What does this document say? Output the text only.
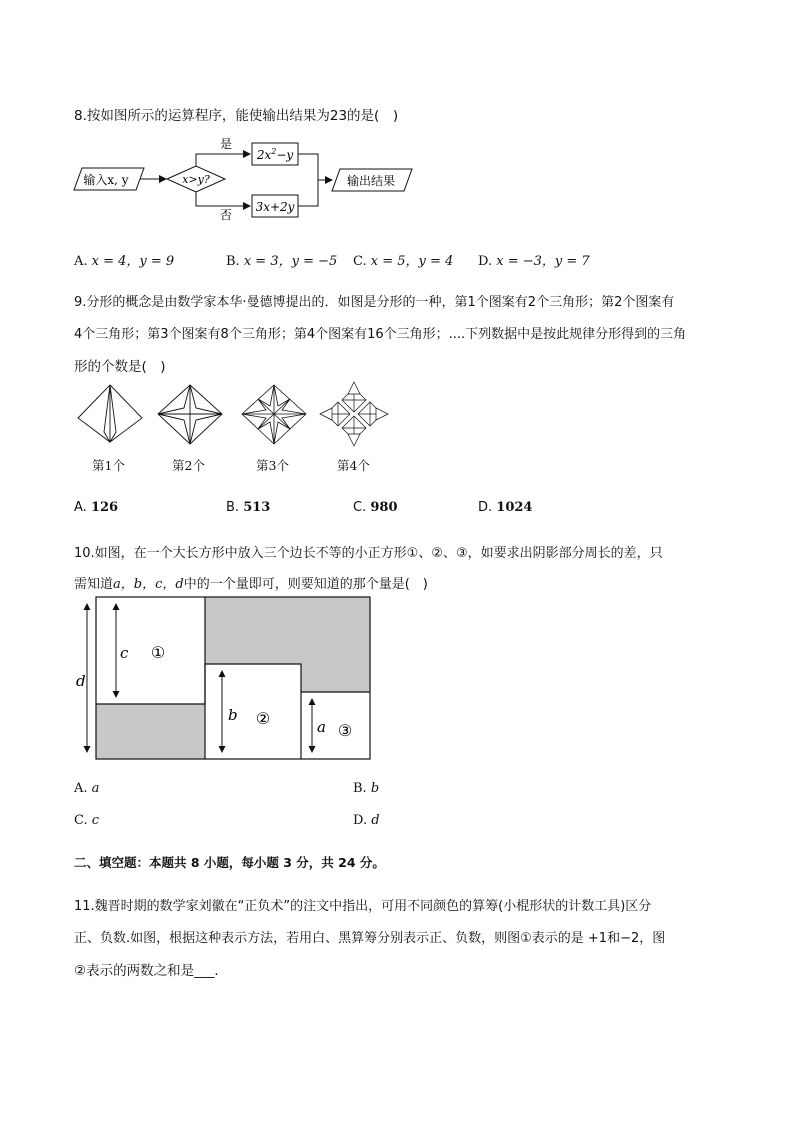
8.按如图所示的运算程序，能使输出结果为23的是(　)
输入x, y	x>y?
是
否
$2x^2-y$
3x+2y
输出结果
A. x = 4，y = 9	B. x = 3，y = −5 C. x = 5，y = 4 D. x = −3，y = 7
9.分形的概念是由数学家本华·曼德博提出的．如图是分形的一种，第1个图案有2个三角形；第2个图案有
4个三角形；第3个图案有8个三角形；第4个图案有16个三角形；....下列数据中是按此规律分形得到的三角
形的个数是(　)
第1个	第2个	第3个	第4个
A. 126	B. 513	C. 980	D. 1024
10.如图，在一个大长方形中放入三个边长不等的小正方形①、②、③，如要求出阴影部分周长的差，只
需知道a，b，c，d中的一个量即可，则要知道的那个量是(　)
d
c ①
b ②	a ③
A. a	B. b
C. c	D. d
二、填空题：本题共 8 小题，每小题 3 分，共 24 分。
11.魏晋时期的数学家刘徽在“正负术”的注文中指出，可用不同颜色的算筹(小棍形状的计数工具)区分
正、负数.如图，根据这种表示方法，若用白、黑算筹分别表示正、负数，则图①表示的是 +1和−2，图
②表示的两数之和是___．
